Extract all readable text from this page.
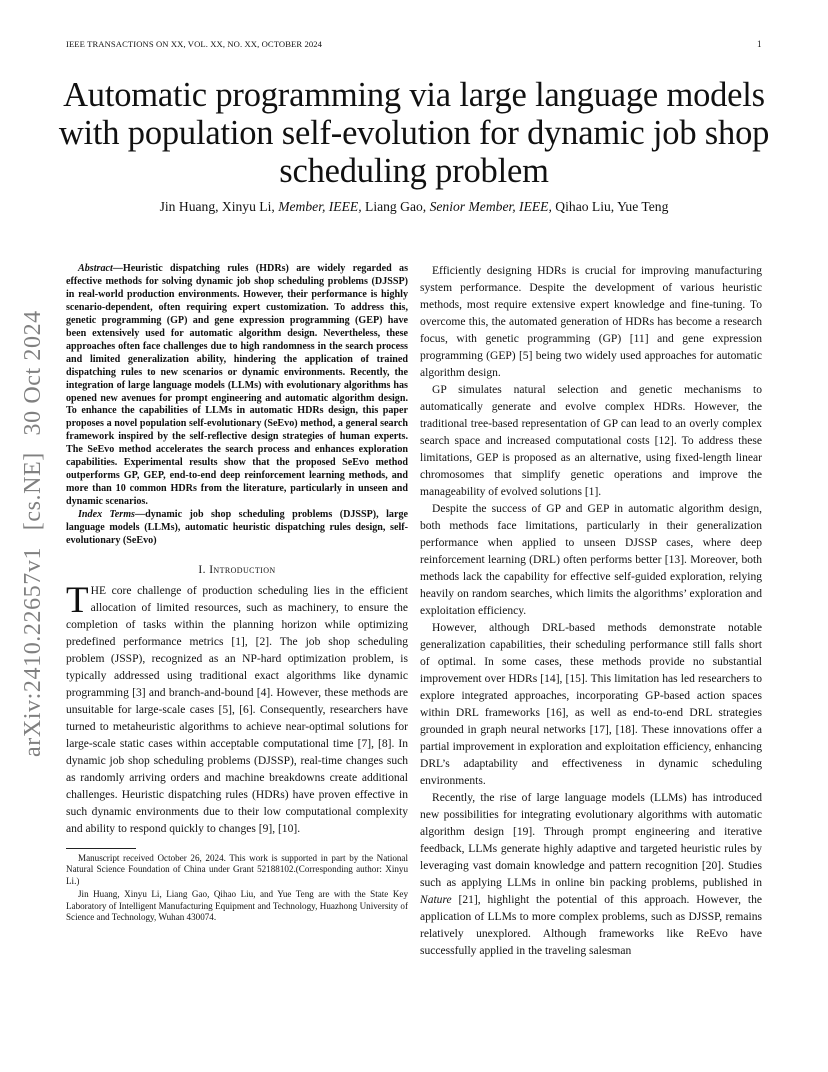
IEEE TRANSACTIONS ON XX, VOL. XX, NO. XX, OCTOBER 2024	1
Automatic programming via large language models with population self-evolution for dynamic job shop scheduling problem
Jin Huang, Xinyu Li, Member, IEEE, Liang Gao, Senior Member, IEEE, Qihao Liu, Yue Teng
arXiv:2410.22657v1 [cs.NE] 30 Oct 2024

Abstract—Heuristic dispatching rules (HDRs) are widely regarded as effective methods for solving dynamic job shop scheduling problems (DJSSP) in real-world production environments. However, their performance is highly scenario-dependent, often requiring expert customization. To address this, genetic programming (GP) and gene expression programming (GEP) have been extensively used for automatic algorithm design. Nevertheless, these approaches often face challenges due to high randomness in the search process and limited generalization ability, hindering the application of trained dispatching rules to new scenarios or dynamic environments. Recently, the integration of large language models (LLMs) with evolutionary algorithms has opened new avenues for prompt engineering and automatic algorithm design. To enhance the capabilities of LLMs in automatic HDRs design, this paper proposes a novel population self-evolutionary (SeEvo) method, a general search framework inspired by the self-reflective design strategies of human experts. The SeEvo method accelerates the search process and enhances exploration capabilities. Experimental results show that the proposed SeEvo method outperforms GP, GEP, end-to-end deep reinforcement learning methods, and more than 10 common HDRs from the literature, particularly in unseen and dynamic scenarios.

Index Terms—dynamic job shop scheduling problems (DJSSP), large language models (LLMs), automatic heuristic dispatching rules design, self-evolutionary (SeEvo)

I. Introduction

THE core challenge of production scheduling lies in the efficient allocation of limited resources, such as machinery, to ensure the completion of tasks within the planning horizon while optimizing predefined performance metrics [1], [2]. The job shop scheduling problem (JSSP), recognized as an NP-hard optimization problem, is typically addressed using traditional exact algorithms like dynamic programming [3] and branch-and-bound [4]. However, these methods are unsuitable for large-scale cases [5], [6]. Consequently, researchers have turned to metaheuristic algorithms to achieve near-optimal solutions for large-scale static cases within acceptable computational time [7], [8]. In dynamic job shop scheduling problems (DJSSP), real-time changes such as randomly arriving orders and machine breakdowns create additional challenges. Heuristic dispatching rules (HDRs) have proven effective in such dynamic environments due to their low computational complexity and ability to respond quickly to changes [9], [10].

Manuscript received October 26, 2024. This work is supported in part by the National Natural Science Foundation of China under Grant 52188102.(Corresponding author: Xinyu Li.)

Jin Huang, Xinyu Li, Liang Gao, Qihao Liu, and Yue Teng are with the State Key Laboratory of Intelligent Manufacturing Equipment and Technology, Huazhong University of Science and Technology, Wuhan 430074.

Efficiently designing HDRs is crucial for improving manufacturing system performance. Despite the development of various heuristic methods, most require extensive expert knowledge and fine-tuning. To overcome this, the automated generation of HDRs has become a research focus, with genetic programming (GP) [11] and gene expression programming (GEP) [5] being two widely used approaches for automatic algorithm design.

GP simulates natural selection and genetic mechanisms to automatically generate and evolve complex HDRs. However, the traditional tree-based representation of GP can lead to an overly complex search space and increased computational costs [12]. To address these limitations, GEP is proposed as an alternative, using fixed-length linear chromosomes that simplify genetic operations and improve the manageability of evolved solutions [1].

Despite the success of GP and GEP in automatic algorithm design, both methods face limitations, particularly in their generalization performance when applied to unseen DJSSP cases, where deep reinforcement learning (DRL) often performs better [13]. Moreover, both methods lack the capability for effective self-guided exploration, relying heavily on random searches, which limits the algorithms’ exploration and exploitation efficiency.

However, although DRL-based methods demonstrate notable generalization capabilities, their scheduling performance still falls short of optimal. In some cases, these methods provide no substantial improvement over HDRs [14], [15]. This limitation has led researchers to explore integrated approaches, incorporating GP-based action spaces within DRL frameworks [16], as well as end-to-end DRL strategies grounded in graph neural networks [17], [18]. These innovations offer a partial improvement in exploration and exploitation efficiency, enhancing DRL’s adaptability and effectiveness in dynamic scheduling environments.

Recently, the rise of large language models (LLMs) has introduced new possibilities for integrating evolutionary algorithms with automatic algorithm design [19]. Through prompt engineering and iterative feedback, LLMs generate highly adaptive and targeted heuristic rules by leveraging vast domain knowledge and pattern recognition [20]. Studies such as applying LLMs in online bin packing problems, published in Nature [21], highlight the potential of this approach. However, the application of LLMs to more complex problems, such as DJSSP, remains relatively unexplored. Although frameworks like ReEvo have successfully applied in the traveling salesman
